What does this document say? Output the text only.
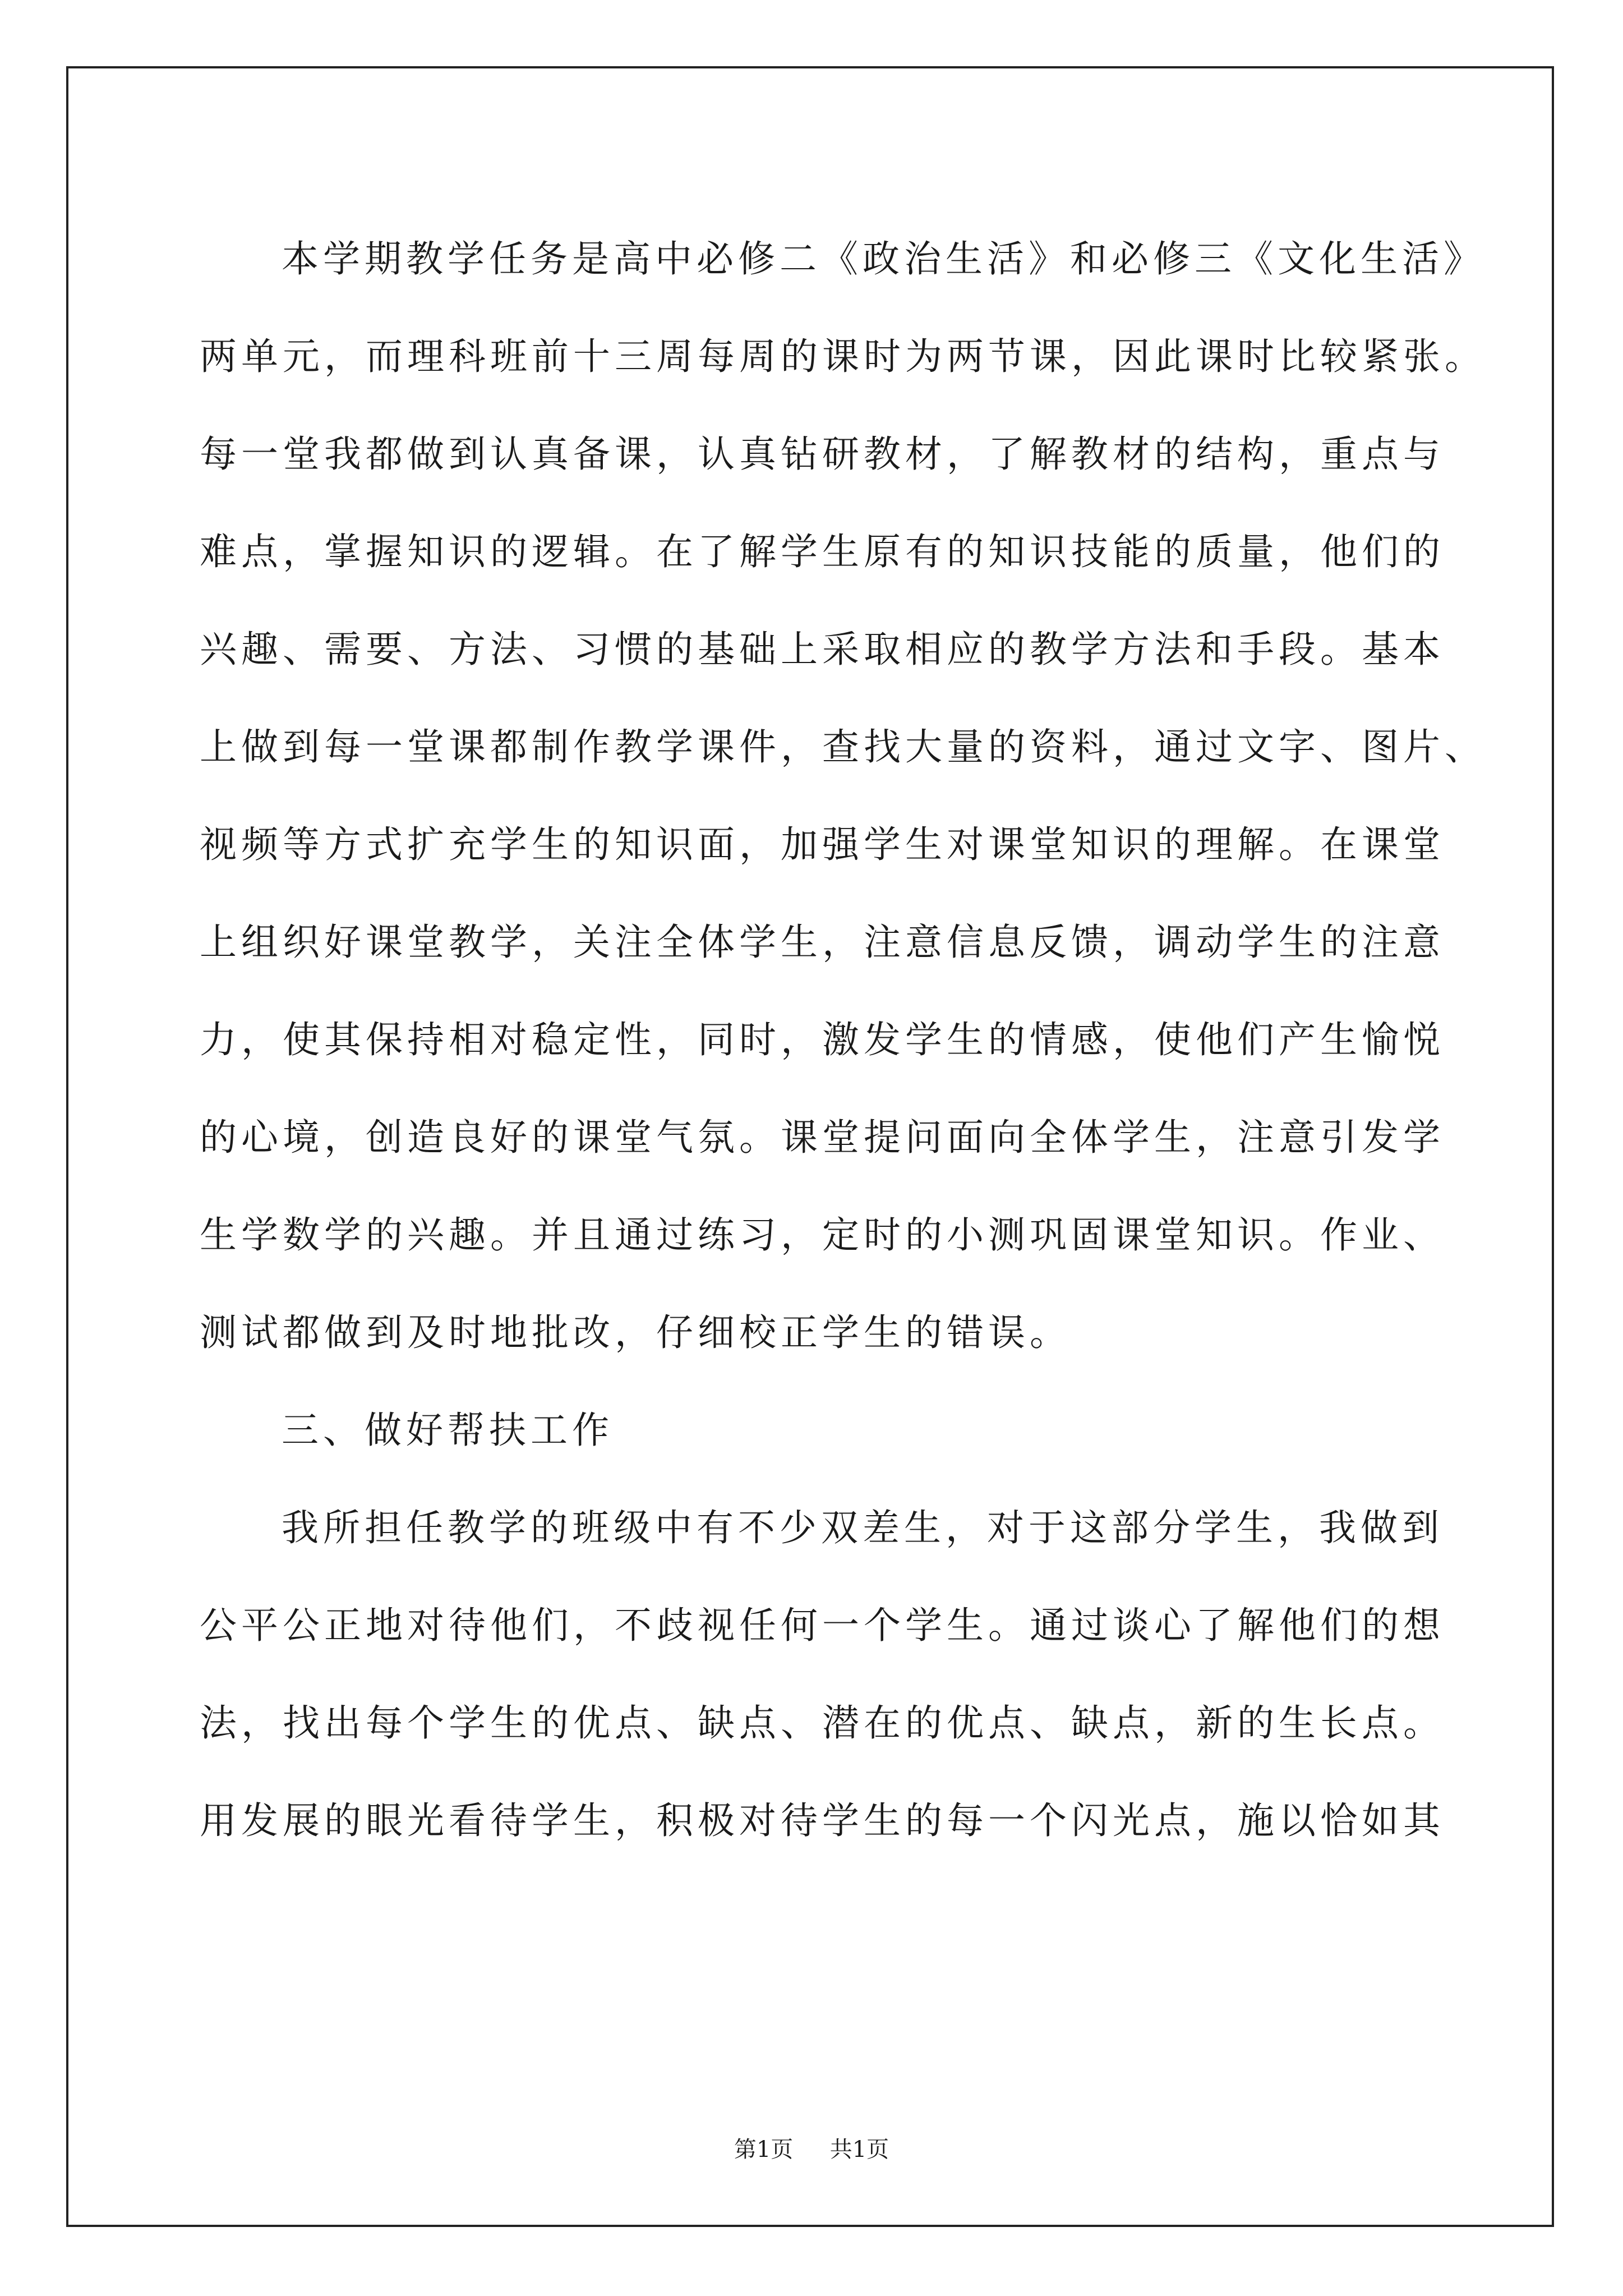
本学期教学任务是高中必修二《政治生活》和必修三《文化生活》
两单元，而理科班前十三周每周的课时为两节课，因此课时比较紧张。
每一堂我都做到认真备课，认真钻研教材，了解教材的结构，重点与
难点，掌握知识的逻辑。在了解学生原有的知识技能的质量，他们的
兴趣、需要、方法、习惯的基础上采取相应的教学方法和手段。基本
上做到每一堂课都制作教学课件，查找大量的资料，通过文字、图片、
视频等方式扩充学生的知识面，加强学生对课堂知识的理解。在课堂
上组织好课堂教学，关注全体学生，注意信息反馈，调动学生的注意
力，使其保持相对稳定性，同时，激发学生的情感，使他们产生愉悦
的心境，创造良好的课堂气氛。课堂提问面向全体学生，注意引发学
生学数学的兴趣。并且通过练习，定时的小测巩固课堂知识。作业、
测试都做到及时地批改，仔细校正学生的错误。
三、做好帮扶工作
我所担任教学的班级中有不少双差生，对于这部分学生，我做到
公平公正地对待他们，不歧视任何一个学生。通过谈心了解他们的想
法，找出每个学生的优点、缺点、潜在的优点、缺点，新的生长点。
用发展的眼光看待学生，积极对待学生的每一个闪光点，施以恰如其
第1页 共1页
